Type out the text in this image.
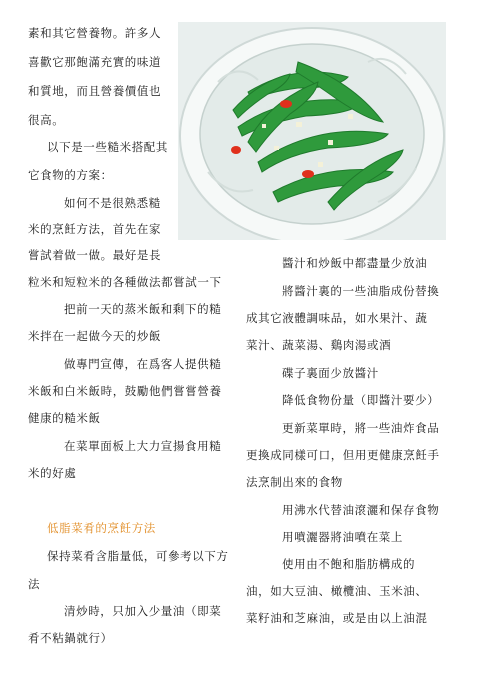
素和其它營養物。許多人
喜歡它那飽滿充實的味道
和質地，而且營養價值也
很高。
以下是一些糙米搭配其
它食物的方案：
如何不是很熟悉糙
米的烹飪方法，首先在家
嘗試着做一做。最好是長
粒米和短粒米的各種做法都嘗試一下
把前一天的蒸米飯和剩下的糙
米拌在一起做今天的炒飯
做專門宣傳，在爲客人提供糙
米飯和白米飯時，鼓勵他們嘗嘗營養
健康的糙米飯
在菜單面板上大力宣揚食用糙
米的好處
低脂菜肴的烹飪方法
保持菜肴含脂量低，可參考以下方
法
清炒時，只加入少量油（即菜
肴不粘鍋就行）
醬汁和炒飯中都盡量少放油
將醬汁裏的一些油脂成份替換
成其它液體調味品，如水果汁、蔬
菜汁、蔬菜湯、鷄肉湯或酒
碟子裏面少放醬汁
降低食物份量（即醬汁要少）
更新菜單時，將一些油炸食品
更換成同樣可口，但用更健康烹飪手
法烹制出來的食物
用沸水代替油滾灑和保存食物
用噴灑器將油噴在菜上
使用由不飽和脂肪構成的
油，如大豆油、橄欖油、玉米油、
菜籽油和芝麻油，或是由以上油混
